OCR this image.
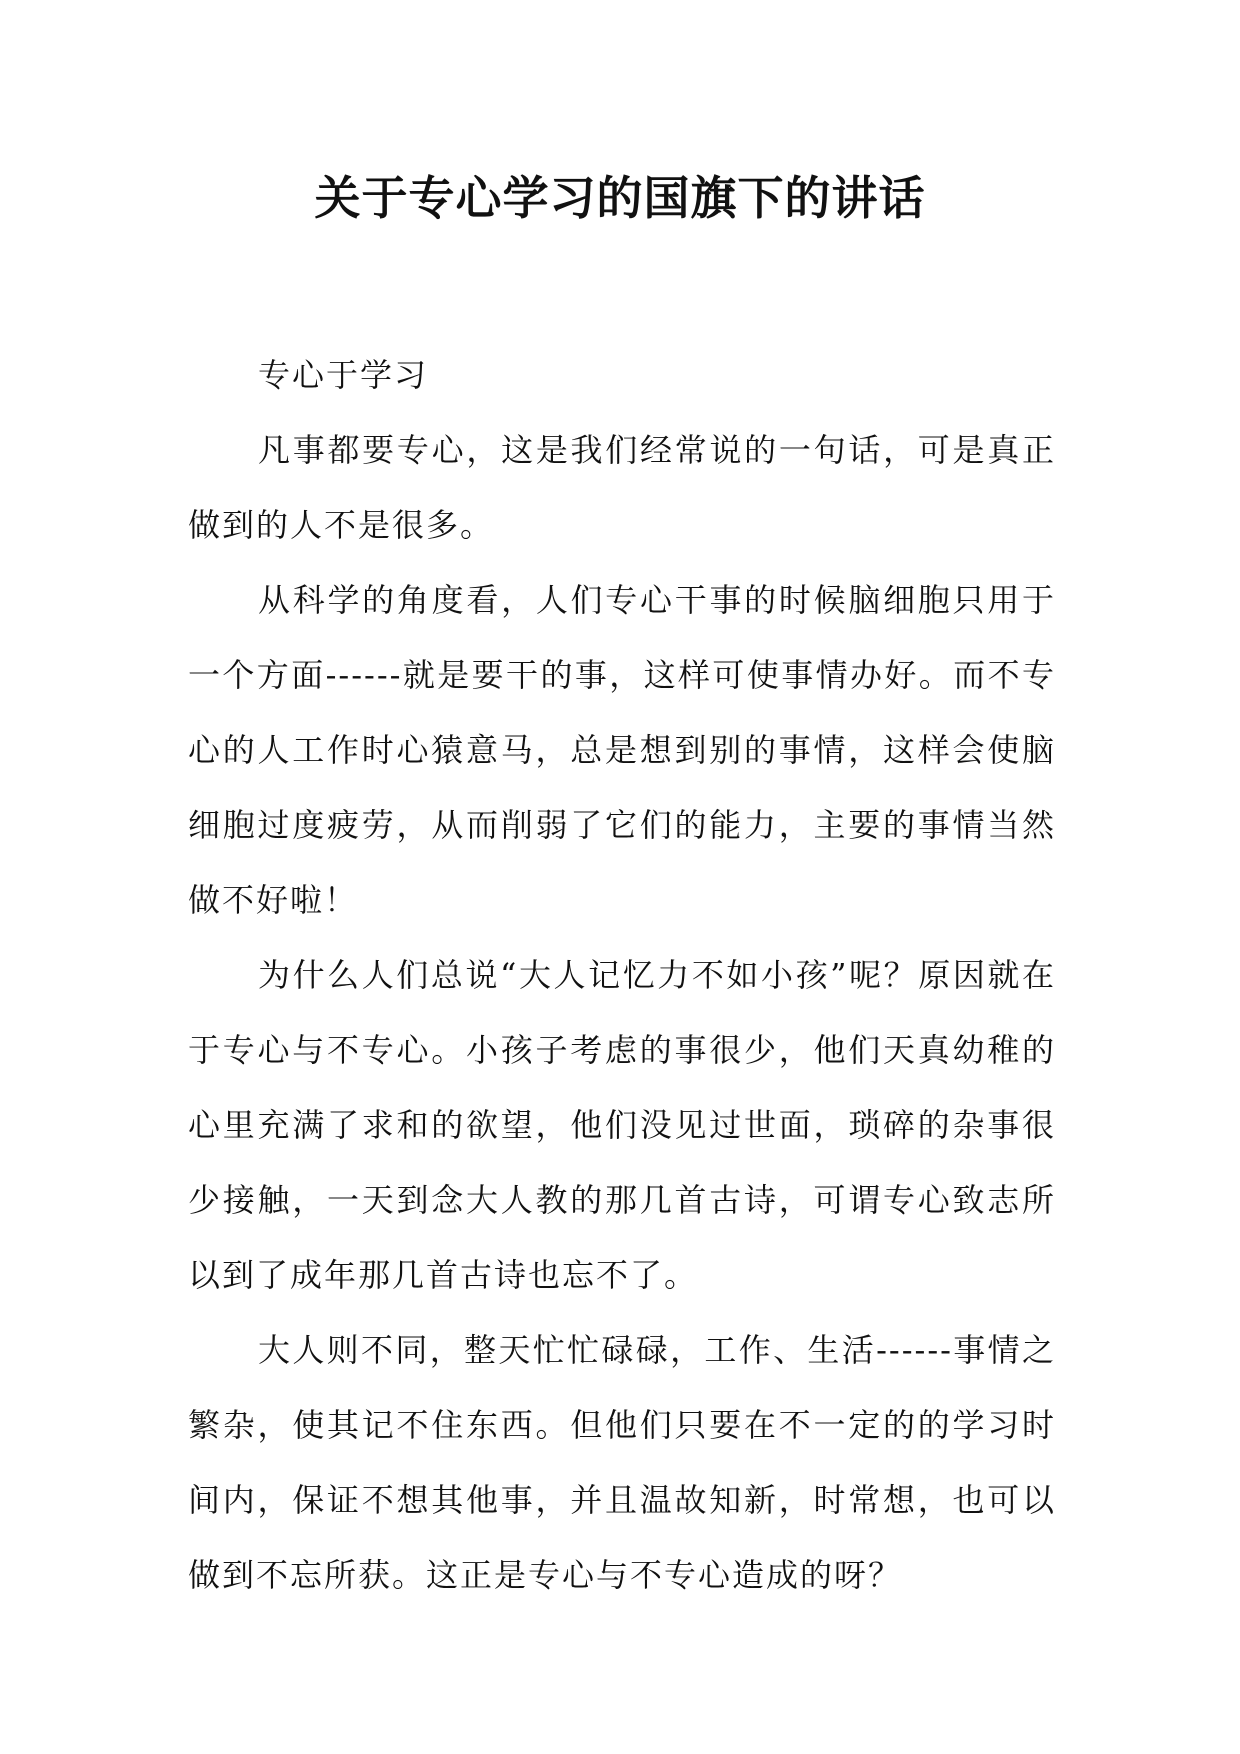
关于专心学习的国旗下的讲话

专心于学习

凡事都要专心，这是我们经常说的一句话，可是真正做到的人不是很多。

从科学的角度看，人们专心干事的时候脑细胞只用于一个方面------就是要干的事，这样可使事情办好。而不专心的人工作时心猿意马，总是想到别的事情，这样会使脑细胞过度疲劳，从而削弱了它们的能力，主要的事情当然做不好啦！

为什么人们总说“大人记忆力不如小孩”呢？原因就在于专心与不专心。小孩子考虑的事很少，他们天真幼稚的心里充满了求和的欲望，他们没见过世面，琐碎的杂事很少接触，一天到念大人教的那几首古诗，可谓专心致志所以到了成年那几首古诗也忘不了。

大人则不同，整天忙忙碌碌，工作、生活------事情之繁杂，使其记不住东西。但他们只要在不一定的的学习时间内，保证不想其他事，并且温故知新，时常想，也可以做到不忘所获。这正是专心与不专心造成的呀？
